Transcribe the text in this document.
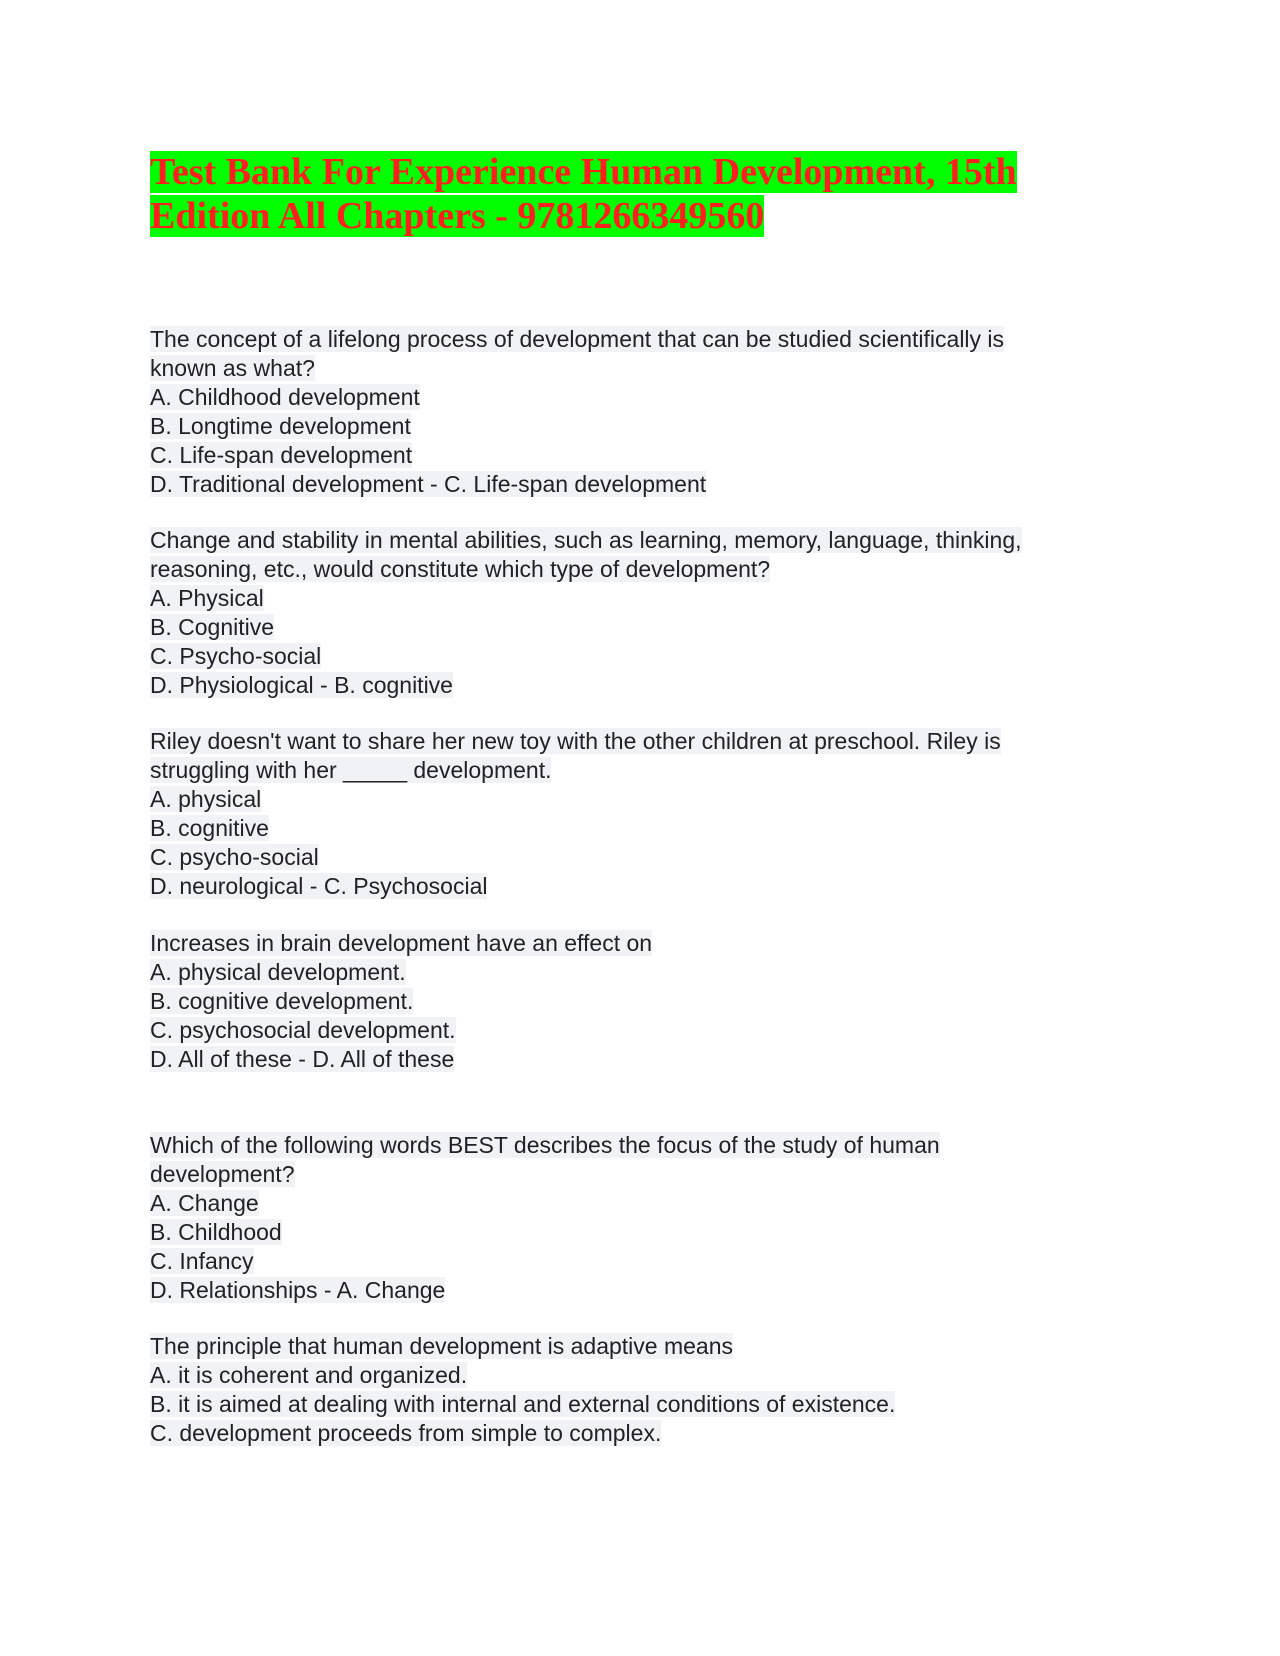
Test Bank For Experience Human Development, 15th
Edition All Chapters - 9781266349560
The concept of a lifelong process of development that can be studied scientifically is
known as what?
A. Childhood development
B. Longtime development
C. Life-span development
D. Traditional development - C. Life-span development
Change and stability in mental abilities, such as learning, memory, language, thinking,
reasoning, etc., would constitute which type of development?
A. Physical
B. Cognitive
C. Psycho-social
D. Physiological - B. cognitive
Riley doesn't want to share her new toy with the other children at preschool. Riley is
struggling with her _____ development.
A. physical
B. cognitive
C. psycho-social
D. neurological - C. Psychosocial
Increases in brain development have an effect on
A. physical development.
B. cognitive development.
C. psychosocial development.
D. All of these - D. All of these
Which of the following words BEST describes the focus of the study of human
development?
A. Change
B. Childhood
C. Infancy
D. Relationships - A. Change
The principle that human development is adaptive means
A. it is coherent and organized.
B. it is aimed at dealing with internal and external conditions of existence.
C. development proceeds from simple to complex.
